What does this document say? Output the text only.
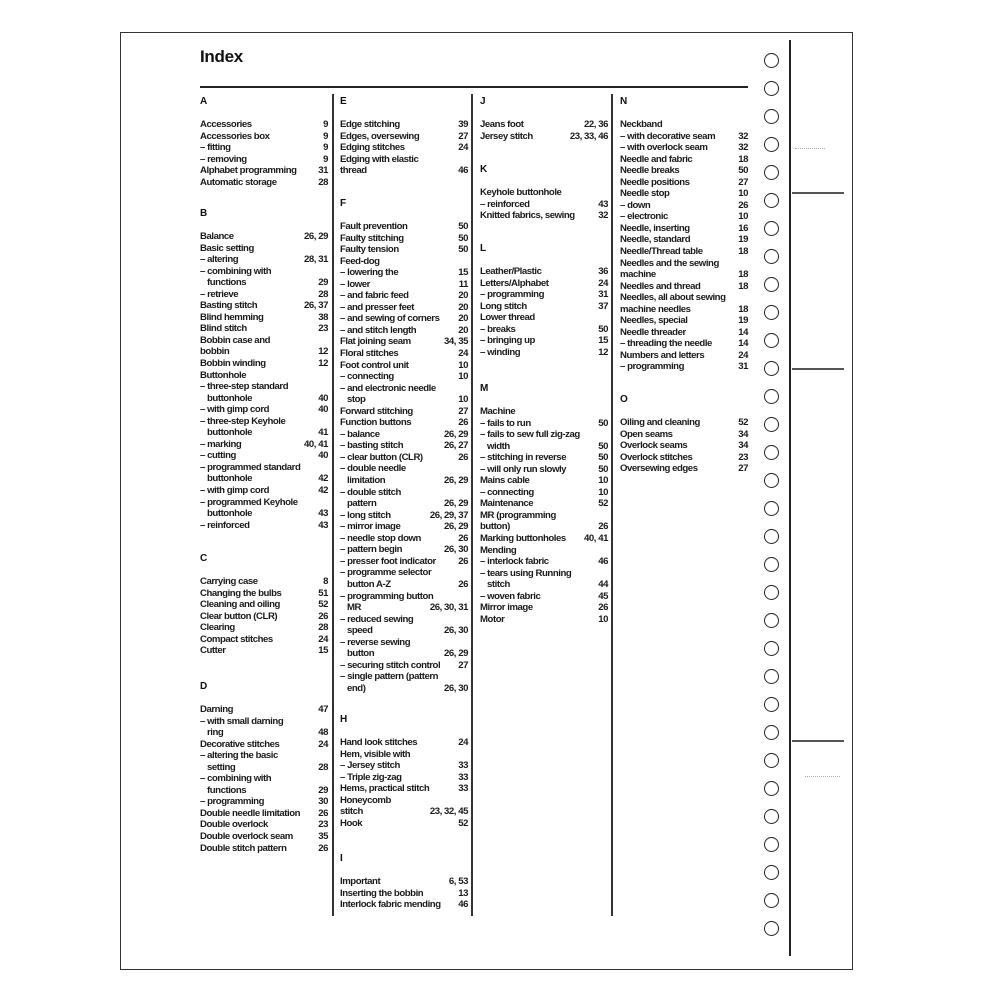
Index
A
Accessories	9
Accessories box	9
– fitting	9
– removing	9
Alphabet programming 31
Automatic storage	28
B
Balance	26, 29
Basic setting
– altering	28, 31
– combining with
functions	29
– retrieve	28
Basting stitch	26, 37
Blind hemming	38
Blind stitch	23
Bobbin case and
bobbin	12
Bobbin winding	12
Buttonhole
– three-step standard
buttonhole	40
– with gimp cord	40
– three-step Keyhole
buttonhole	41
– marking	40, 41
– cutting	40
– programmed standard
buttonhole	42
– with gimp cord	42
– programmed Keyhole
buttonhole	43
– reinforced	43
C
Carrying case	8
Changing the bulbs	51
Cleaning and oiling	52
Clear button (CLR)	26
Clearing	28
Compact stitches	24
Cutter	15
D
Darning	47
– with small darning
ring	48
Decorative stitches	24
– altering the basic
setting	28
– combining with
functions	29
– programming	30
Double needle limitation 26
Double overlock	23
Double overlock seam	35
Double stitch pattern	26
E
Edge stitching	39
Edges, oversewing	27
Edging stitches	24
Edging with elastic
thread	46
F
Fault prevention	50
Faulty stitching	50
Faulty tension	50
Feed-dog
– lowering the	15
– lower	11
– and fabric feed	20
– and presser feet	20
– and sewing of corners 20
– and stitch length	20
Flat joining seam	34, 35
Floral stitches	24
Foot control unit	10
– connecting	10
– and electronic needle
stop	10
Forward stitching	27
Function buttons	26
– balance	26, 29
– basting stitch	26, 27
– clear button (CLR)	26
– double needle
limitation	26, 29
– double stitch
pattern	26, 29
– long stitch	26, 29, 37
– mirror image	26, 29
– needle stop down	26
– pattern begin	26, 30
– presser foot indicator 26
– programme selector
button A-Z	26
– programming button
MR	26, 30, 31
– reduced sewing
speed	26, 30
– reverse sewing
button	26, 29
– securing stitch control 27
– single pattern (pattern
end)	26, 30
H
Hand look stitches	24
Hem, visible with
– Jersey stitch	33
– Triple zig-zag	33
Hems, practical stitch	33
Honeycomb
stitch	23, 32, 45
Hook	52
I
Important	6, 53
Inserting the bobbin	13
Interlock fabric mending 46
J
Jeans foot	22, 36
Jersey stitch	23, 33, 46
K
Keyhole buttonhole
– reinforced	43
Knitted fabrics, sewing 32
L
Leather/Plastic	36
Letters/Alphabet	24
– programming	31
Long stitch	37
Lower thread
– breaks	50
– bringing up	15
– winding	12
M
Machine
– fails to run	50
– fails to sew full zig-zag
width	50
– stitching in reverse	50
– will only run slowly	50
Mains cable	10
– connecting	10
Maintenance	52
MR (programming
button)	26
Marking buttonholes 40, 41
Mending
– interlock fabric	46
– tears using Running
stitch	44
– woven fabric	45
Mirror image	26
Motor	10
N
Neckband
– with decorative seam 32
– with overlock seam	32
Needle and fabric	18
Needle breaks	50
Needle positions	27
Needle stop	10
– down	26
– electronic	10
Needle, inserting	16
Needle, standard	19
Needle/Thread table	18
Needles and the sewing
machine	18
Needles and thread	18
Needles, all about sewing
machine needles	18
Needles, special	19
Needle threader	14
– threading the needle	14
Numbers and letters	24
– programming	31
O
Oiling and cleaning	52
Open seams	34
Overlock seams	34
Overlock stitches	23
Oversewing edges	27
